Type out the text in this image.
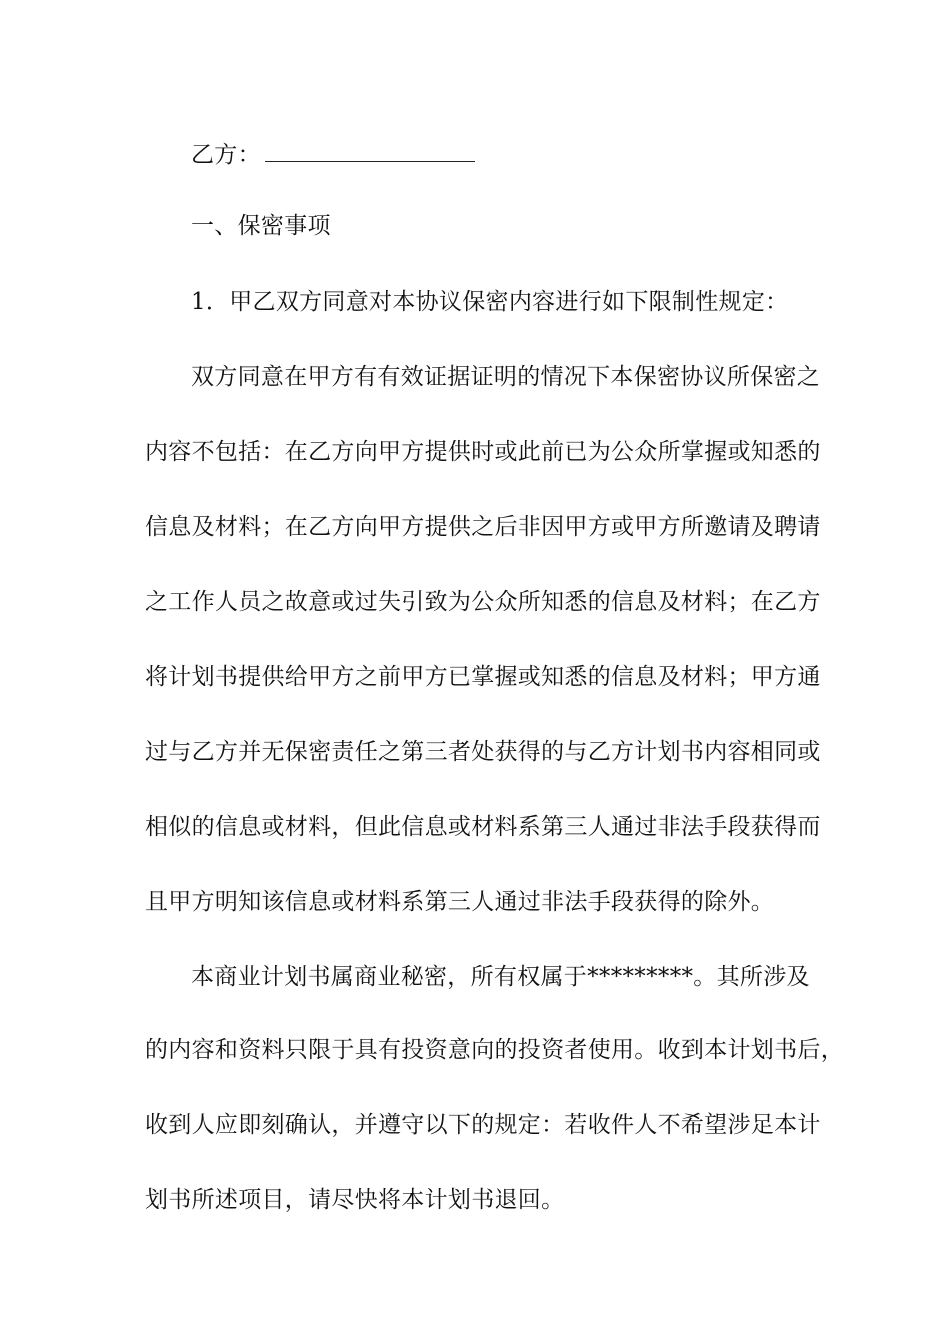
乙方：
一、保密事项
1．甲乙双方同意对本协议保密内容进行如下限制性规定：
双方同意在甲方有有效证据证明的情况下本保密协议所保密之
内容不包括：在乙方向甲方提供时或此前已为公众所掌握或知悉的
信息及材料；在乙方向甲方提供之后非因甲方或甲方所邀请及聘请
之工作人员之故意或过失引致为公众所知悉的信息及材料；在乙方
将计划书提供给甲方之前甲方已掌握或知悉的信息及材料；甲方通
过与乙方并无保密责任之第三者处获得的与乙方计划书内容相同或
相似的信息或材料，但此信息或材料系第三人通过非法手段获得而
且甲方明知该信息或材料系第三人通过非法手段获得的除外。
本商业计划书属商业秘密，所有权属于*********。其所涉及
的内容和资料只限于具有投资意向的投资者使用。收到本计划书后，
收到人应即刻确认，并遵守以下的规定：若收件人不希望涉足本计
划书所述项目，请尽快将本计划书退回。
